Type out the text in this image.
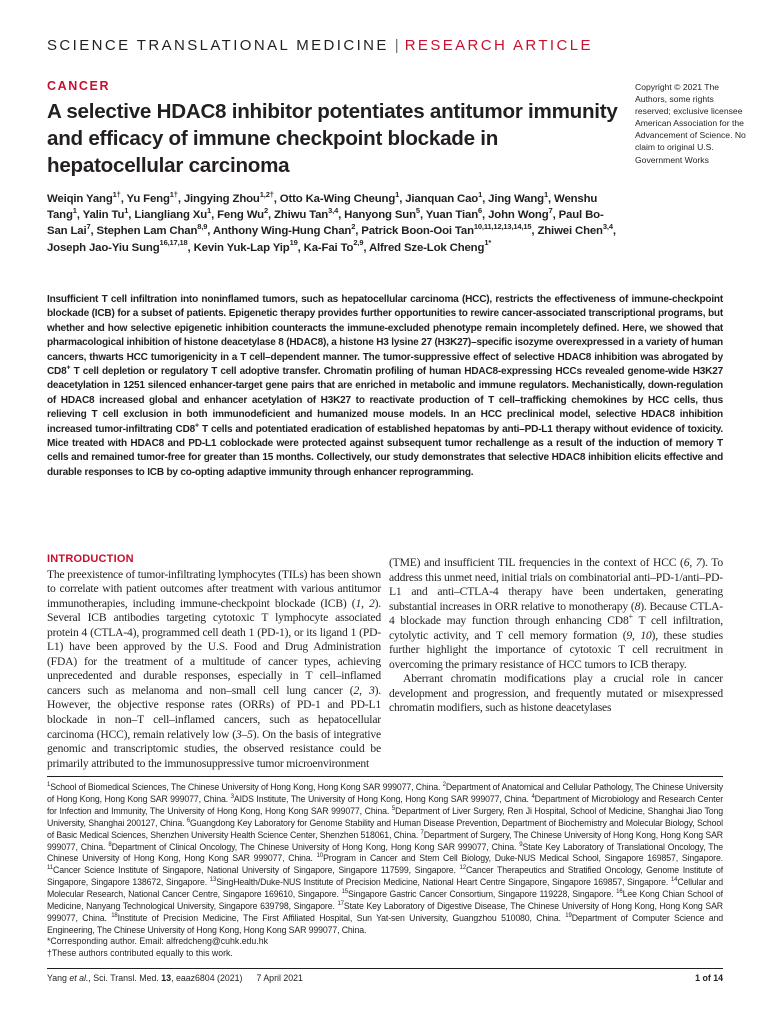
SCIENCE TRANSLATIONAL MEDICINE | RESEARCH ARTICLE
CANCER
A selective HDAC8 inhibitor potentiates antitumor immunity and efficacy of immune checkpoint blockade in hepatocellular carcinoma

Weiqin Yang$^{1\dagger}$, Yu Feng$^{1\dagger}$, Jingying Zhou$^{1,2\dagger}$, Otto Ka-Wing Cheung$^1$, Jianquan Cao$^1$, Jing Wang$^1$, Wenshu Tang$^1$, Yalin Tu$^1$, Liangliang Xu$^1$, Feng Wu$^2$, Zhiwu Tan$^{3,4}$, Hanyong Sun$^5$, Yuan Tian$^6$, John Wong$^7$, Paul Bo-San Lai$^7$, Stephen Lam Chan$^{8,9}$, Anthony Wing-Hung Chan$^2$, Patrick Boon-Ooi Tan$^{10,11,12,13,14,15}$, Zhiwei Chen$^{3,4}$, Joseph Jao-Yiu Sung$^{16,17,18}$, Kevin Yuk-Lap Yip$^{19}$, Ka-Fai To$^{2,9}$, Alfred Sze-Lok Cheng$^{1*}$

Copyright © 2021 The Authors, some rights reserved; exclusive licensee American Association for the Advancement of Science. No claim to original U.S. Government Works

Insufficient T cell infiltration into noninflamed tumors, such as hepatocellular carcinoma (HCC), restricts the effectiveness of immune-checkpoint blockade (ICB) for a subset of patients. Epigenetic therapy provides further opportunities to rewire cancer-associated transcriptional programs, but whether and how selective epigenetic inhibition counteracts the immune-excluded phenotype remain incompletely defined. Here, we showed that pharmacological inhibition of histone deacetylase 8 (HDAC8), a histone H3 lysine 27 (H3K27)–specific isozyme overexpressed in a variety of human cancers, thwarts HCC tumorigenicity in a T cell–dependent manner. The tumor-suppressive effect of selective HDAC8 inhibition was abrogated by CD8+ T cell depletion or regulatory T cell adoptive transfer. Chromatin profiling of human HDAC8-expressing HCCs revealed genome-wide H3K27 deacetylation in 1251 silenced enhancer-target gene pairs that are enriched in metabolic and immune regulators. Mechanistically, down-regulation of HDAC8 increased global and enhancer acetylation of H3K27 to reactivate production of T cell–trafficking chemokines by HCC cells, thus relieving T cell exclusion in both immunodeficient and humanized mouse models. In an HCC preclinical model, selective HDAC8 inhibition increased tumor-infiltrating CD8+ T cells and potentiated eradication of established hepatomas by anti–PD-L1 therapy without evidence of toxicity. Mice treated with HDAC8 and PD-L1 coblockade were protected against subsequent tumor rechallenge as a result of the induction of memory T cells and remained tumor-free for greater than 15 months. Collectively, our study demonstrates that selective HDAC8 inhibition elicits effective and durable responses to ICB by co-opting adaptive immunity through enhancer reprogramming.

INTRODUCTION

The preexistence of tumor-infiltrating lymphocytes (TILs) has been shown to correlate with patient outcomes after treatment with various antitumor immunotherapies, including immune-checkpoint blockade (ICB) (1, 2). Several ICB antibodies targeting cytotoxic T lymphocyte associated protein 4 (CTLA-4), programmed cell death 1 (PD-1), or its ligand 1 (PD-L1) have been approved by the U.S. Food and Drug Administration (FDA) for the treatment of a multitude of cancer types, achieving unprecedented and durable responses, especially in T cell–inflamed cancers such as melanoma and non–small cell lung cancer (2, 3). However, the objective response rates (ORRs) of PD-1 and PD-L1 blockade in non–T cell–inflamed cancers, such as hepatocellular carcinoma (HCC), remain relatively low (3–5). On the basis of integrative genomic and transcriptomic studies, the observed resistance could be primarily attributed to the immunosuppressive tumor microenvironment

(TME) and insufficient TIL frequencies in the context of HCC (6, 7). To address this unmet need, initial trials on combinatorial anti–PD-1/anti–PD-L1 and anti–CTLA-4 therapy have been undertaken, generating substantial increases in ORR relative to monotherapy (8). Because CTLA-4 blockade may function through enhancing CD8+ T cell infiltration, cytolytic activity, and T cell memory formation (9, 10), these studies further highlight the importance of cytotoxic T cell recruitment in overcoming the primary resistance of HCC tumors to ICB therapy.

Aberrant chromatin modifications play a crucial role in cancer development and progression, and frequently mutated or misexpressed chromatin modifiers, such as histone deacetylases

$^1$School of Biomedical Sciences, The Chinese University of Hong Kong, Hong Kong SAR 999077, China. $^2$Department of Anatomical and Cellular Pathology, The Chinese University of Hong Kong, Hong Kong SAR 999077, China. $^3$AIDS Institute, The University of Hong Kong, Hong Kong SAR 999077, China. $^4$Department of Microbiology and Research Center for Infection and Immunity, The University of Hong Kong, Hong Kong SAR 999077, China. $^5$Department of Liver Surgery, Ren Ji Hospital, School of Medicine, Shanghai Jiao Tong University, Shanghai 200127, China. $^6$Guangdong Key Laboratory for Genome Stability and Human Disease Prevention, Department of Biochemistry and Molecular Biology, School of Basic Medical Sciences, Shenzhen University Health Science Center, Shenzhen 518061, China. $^7$Department of Surgery, The Chinese University of Hong Kong, Hong Kong SAR 999077, China. $^8$Department of Clinical Oncology, The Chinese University of Hong Kong, Hong Kong SAR 999077, China. $^9$State Key Laboratory of Translational Oncology, The Chinese University of Hong Kong, Hong Kong SAR 999077, China. $^{10}$Program in Cancer and Stem Cell Biology, Duke-NUS Medical School, Singapore 169857, Singapore. $^{11}$Cancer Science Institute of Singapore, National University of Singapore, Singapore 117599, Singapore. $^{12}$Cancer Therapeutics and Stratified Oncology, Genome Institute of Singapore, Singapore 138672, Singapore. $^{13}$SingHealth/Duke-NUS Institute of Precision Medicine, National Heart Centre Singapore, Singapore 169857, Singapore. $^{14}$Cellular and Molecular Research, National Cancer Centre, Singapore 169610, Singapore. $^{15}$Singapore Gastric Cancer Consortium, Singapore 119228, Singapore. $^{16}$Lee Kong Chian School of Medicine, Nanyang Technological University, Singapore 639798, Singapore. $^{17}$State Key Laboratory of Digestive Disease, The Chinese University of Hong Kong, Hong Kong SAR 999077, China. $^{18}$Institute of Precision Medicine, The First Affiliated Hospital, Sun Yat-sen University, Guangzhou 510080, China. $^{19}$Department of Computer Science and Engineering, The Chinese University of Hong Kong, Hong Kong SAR 999077, China.

*Corresponding author. Email: alfredcheng@cuhk.edu.hk

†These authors contributed equally to this work.

Yang et al., Sci. Transl. Med. 13, eaaz6804 (2021) 7 April 2021	1 of 14
